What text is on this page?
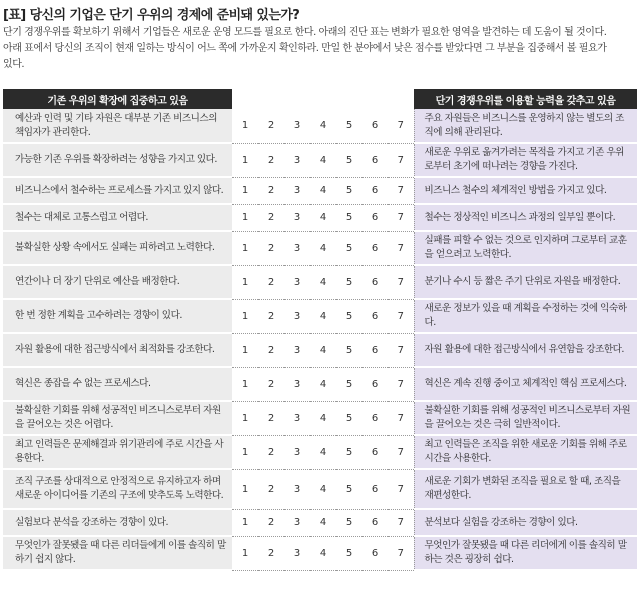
[표] 당신의 기업은 단기 우위의 경제에 준비돼 있는가?

단기 경쟁우위를 확보하기 위해서 기업들은 새로운 운영 모드를 필요로 한다. 아래의 진단 표는 변화가 필요한 영역을 발견하는 데 도움이 될 것이다.

아래 표에서 당신의 조직이 현재 일하는 방식이 어느 쪽에 가까운지 확인하라. 만일 한 분야에서 낮은 점수를 받았다면 그 부분을 집중해서 볼 필요가

있다.

기존 우위의 확장에 집중하고 있음								단기 경쟁우위를 이용할 능력을 갖추고 있음
예산과 인력 및 기타 자원은 대부분 기존 비즈니스의 책임자가 관리한다.	1	2	3	4	5	6	7	주요 자원들은 비즈니스를 운영하지 않는 별도의 조직에 의해 관리된다.
가능한 기존 우위를 확장하려는 성향을 가지고 있다.	1	2	3	4	5	6	7	새로운 우위로 옮겨가려는 목적을 가지고 기존 우위로부터 초기에 떠나려는 경향을 가진다.
비즈니스에서 철수하는 프로세스를 가지고 있지 않다.	1	2	3	4	5	6	7	비즈니스 철수의 체계적인 방법을 가지고 있다.
철수는 대체로 고통스럽고 어렵다.	1	2	3	4	5	6	7	철수는 정상적인 비즈니스 과정의 일부일 뿐이다.
불확실한 상황 속에서도 실패는 피하려고 노력한다.	1	2	3	4	5	6	7	실패를 피할 수 없는 것으로 인지하며 그로부터 교훈을 얻으려고 노력한다.
연간이나 더 장기 단위로 예산을 배정한다.	1	2	3	4	5	6	7	분기나 수시 등 짧은 주기 단위로 자원을 배정한다.
한 번 정한 계획을 고수하려는 경향이 있다.	1	2	3	4	5	6	7	새로운 정보가 있을 때 계획을 수정하는 것에 익숙하다.
자원 활용에 대한 접근방식에서 최적화를 강조한다.	1	2	3	4	5	6	7	자원 활용에 대한 접근방식에서 유연함을 강조한다.
혁신은 종잡을 수 없는 프로세스다.	1	2	3	4	5	6	7	혁신은 계속 진행 중이고 체계적인 핵심 프로세스다.
불확실한 기회를 위해 성공적인 비즈니스로부터 자원을 끌어오는 것은 어렵다.	1	2	3	4	5	6	7	불확실한 기회를 위해 성공적인 비즈니스로부터 자원을 끌어오는 것은 극히 일반적이다.
최고 인력들은 문제해결과 위기관리에 주로 시간을 사용한다.	1	2	3	4	5	6	7	최고 인력들은 조직을 위한 새로운 기회를 위해 주로 시간을 사용한다.
조직 구조를 상대적으로 안정적으로 유지하고자 하며 새로운 아이디어를 기존의 구조에 맞추도록 노력한다.	1	2	3	4	5	6	7	새로운 기회가 변화된 조직을 필요로 할 때, 조직을 재편성한다.
실험보다 분석을 강조하는 경향이 있다.	1	2	3	4	5	6	7	분석보다 실험을 강조하는 경향이 있다.
무엇인가 잘못됐을 때 다른 리더들에게 이를 솔직히 말하기 쉽지 않다.	1	2	3	4	5	6	7	무엇인가 잘못됐을 때 다른 리더에게 이를 솔직히 말하는 것은 굉장히 쉽다.
